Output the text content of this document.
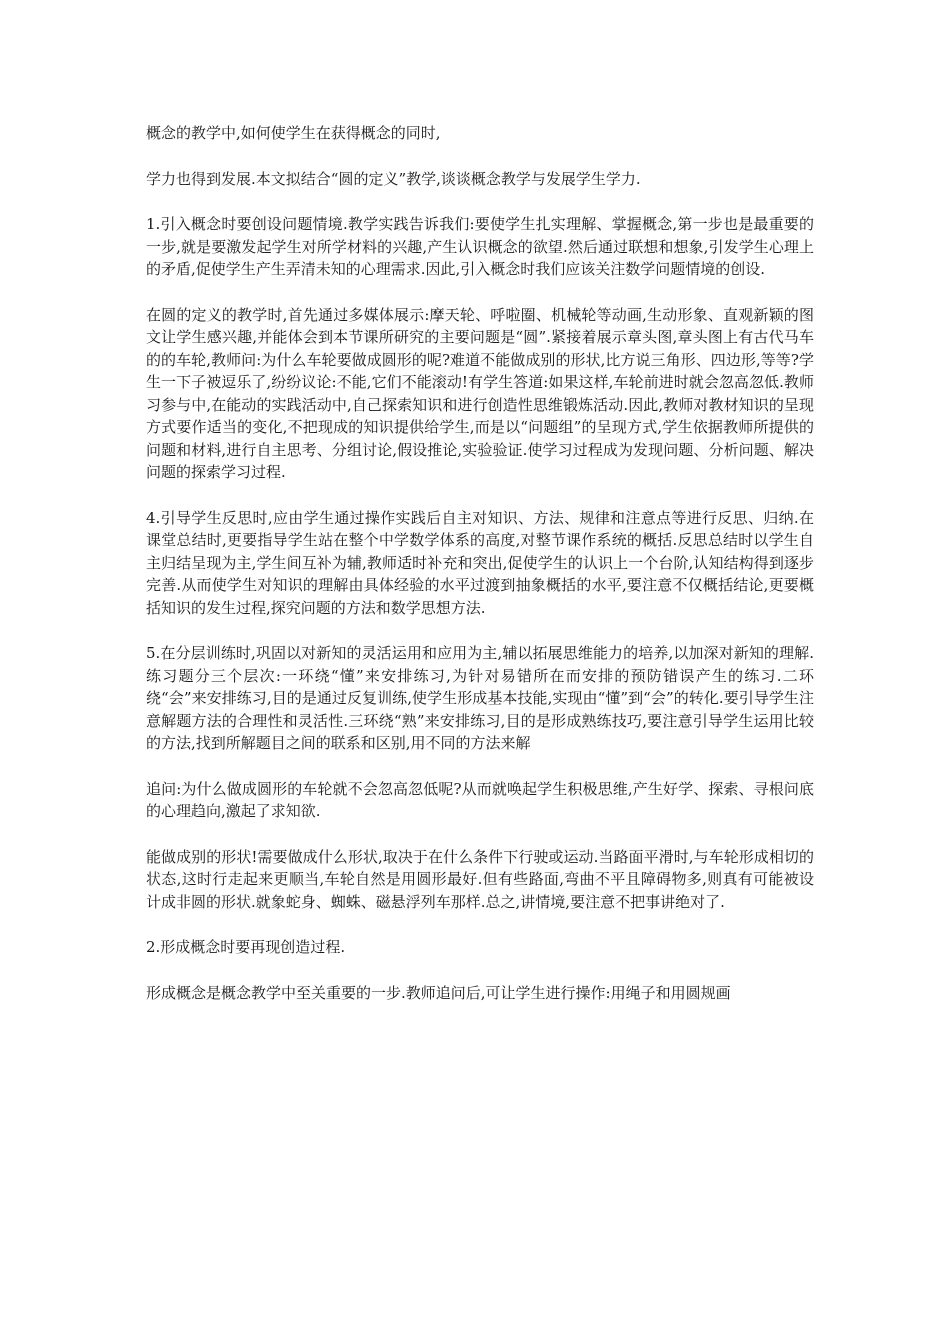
概念的教学中,如何使学生在获得概念的同时,

学力也得到发展.本文拟结合“圆的定义”教学,谈谈概念教学与发展学生学力.

1.引入概念时要创设问题情境.教学实践告诉我们:要使学生扎实理解、掌握概念,第一步也是最重要的一步,就是要激发起学生对所学材料的兴趣,产生认识概念的欲望.然后通过联想和想象,引发学生心理上的矛盾,促使学生产生弄清未知的心理需求.因此,引入概念时我们应该关注数学问题情境的创设.

在圆的定义的教学时,首先通过多媒体展示:摩天轮、呼啦圈、机械轮等动画,生动形象、直观新颖的图文让学生感兴趣,并能体会到本节课所研究的主要问题是“圆”.紧接着展示章头图,章头图上有古代马车的的车轮,教师问:为什么车轮要做成圆形的呢?难道不能做成别的形状,比方说三角形、四边形,等等?学生一下子被逗乐了,纷纷议论:不能,它们不能滚动!有学生答道:如果这样,车轮前进时就会忽高忽低.教师习参与中,在能动的实践活动中,自己探索知识和进行创造性思维锻炼活动.因此,教师对教材知识的呈现方式要作适当的变化,不把现成的知识提供给学生,而是以“问题组”的呈现方式,学生依据教师所提供的问题和材料,进行自主思考、分组讨论,假设推论,实验验证.使学习过程成为发现问题、分析问题、解决问题的探索学习过程.

4.引导学生反思时,应由学生通过操作实践后自主对知识、方法、规律和注意点等进行反思、归纳.在课堂总结时,更要指导学生站在整个中学数学体系的高度,对整节课作系统的概括.反思总结时以学生自主归结呈现为主,学生间互补为辅,教师适时补充和突出,促使学生的认识上一个台阶,认知结构得到逐步完善.从而使学生对知识的理解由具体经验的水平过渡到抽象概括的水平,要注意不仅概括结论,更要概括知识的发生过程,探究问题的方法和数学思想方法.

5.在分层训练时,巩固以对新知的灵活运用和应用为主,辅以拓展思维能力的培养,以加深对新知的理解.练习题分三个层次:一环绕“懂”来安排练习,为针对易错所在而安排的预防错误产生的练习.二环绕“会”来安排练习,目的是通过反复训练,使学生形成基本技能,实现由“懂”到“会”的转化.要引导学生注意解题方法的合理性和灵活性.三环绕“熟”来安排练习,目的是形成熟练技巧,要注意引导学生运用比较的方法,找到所解题目之间的联系和区别,用不同的方法来解

追问:为什么做成圆形的车轮就不会忽高忽低呢?从而就唤起学生积极思维,产生好学、探索、寻根问底的心理趋向,激起了求知欲.

能做成别的形状!需要做成什么形状,取决于在什么条件下行驶或运动.当路面平滑时,与车轮形成相切的状态,这时行走起来更顺当,车轮自然是用圆形最好.但有些路面,弯曲不平且障碍物多,则真有可能被设计成非圆的形状.就象蛇身、蜘蛛、磁悬浮列车那样.总之,讲情境,要注意不把事讲绝对了.

2.形成概念时要再现创造过程.

形成概念是概念教学中至关重要的一步.教师追问后,可让学生进行操作:用绳子和用圆规画
